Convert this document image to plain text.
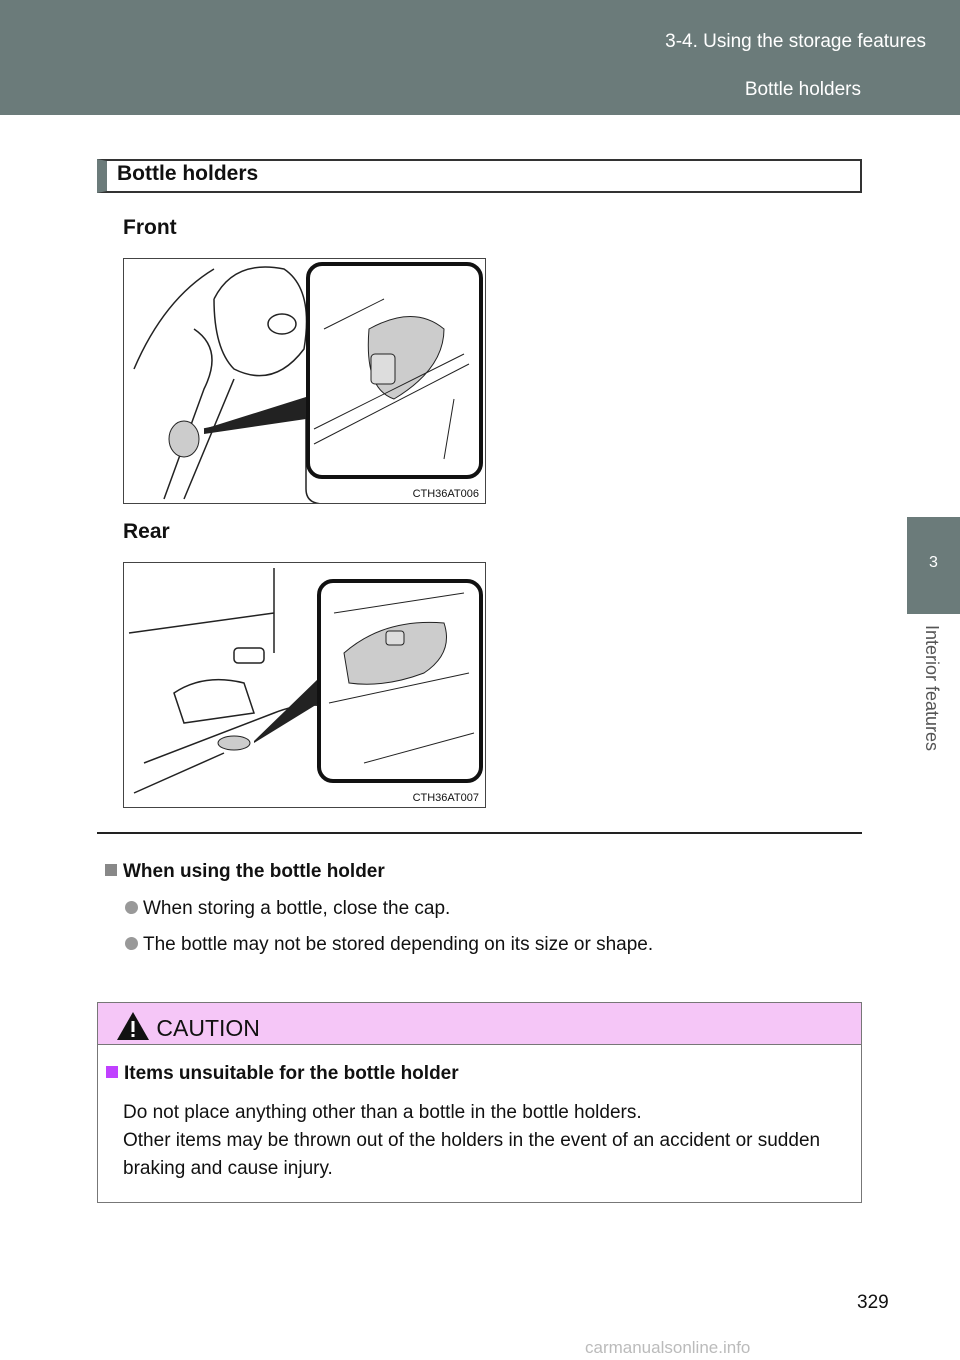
3-4. Using the storage features
Bottle holders
3
Interior features
Bottle holders
Front
CTH36AT006
Rear
CTH36AT007
When using the bottle holder
When storing a bottle, close the cap.
The bottle may not be stored depending on its size or shape.
CAUTION
Items unsuitable for the bottle holder
Do not place anything other than a bottle in the bottle holders.
Other items may be thrown out of the holders in the event of an accident or sudden braking and cause injury.
329
carmanualsonline.info
